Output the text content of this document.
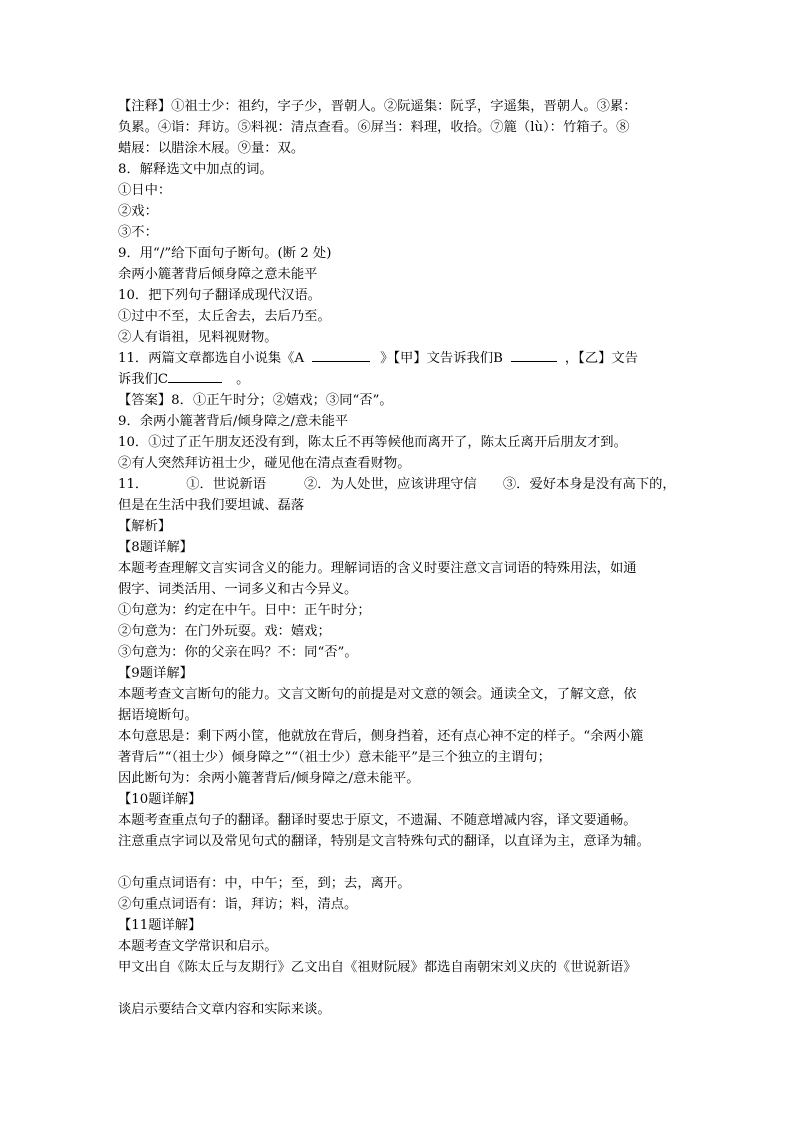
【注释】①祖士少：祖约，字子少，晋朝人。②阮遥集：阮孚，字遥集，晋朝人。③累：
负累。④诣：拜访。⑤料视：清点查看。⑥屏当：料理，收拾。⑦簏（lù）：竹箱子。⑧
蜡屐：以腊涂木屐。⑨量：双。
8．解释选文中加点的词。
①日中：
②戏：
③不：
9．用“/”给下面句子断句。(断 2 处)
余两小簏著背后倾身障之意未能平
10．把下列句子翻译成现代汉语。
①过中不至，太丘舍去，去后乃至。
②人有诣祖，见料视财物。
11．两篇文章都选自小说集《A	》【甲】文告诉我们B	，【乙】文告
诉我们C	。
【答案】8．①正午时分；②嬉戏；③同“否”。
9．余两小簏著背后/倾身障之/意未能平
10．①过了正午朋友还没有到，陈太丘不再等候他而离开了，陈太丘离开后朋友才到。
②有人突然拜访祖士少，碰见他在清点查看财物。
11．	①．世说新语	②．为人处世，应该讲理守信 ③．爱好本身是没有高下的，
但是在生活中我们要坦诚、磊落
【解析】
【8题详解】
本题考查理解文言实词含义的能力。理解词语的含义时要注意文言词语的特殊用法，如通
假字、词类活用、一词多义和古今异义。
①句意为：约定在中午。日中：正午时分；
②句意为：在门外玩耍。戏：嬉戏；
③句意为：你的父亲在吗？不：同“否”。
【9题详解】
本题考查文言断句的能力。文言文断句的前提是对文意的领会。通读全文，了解文意，依
据语境断句。
本句意思是：剩下两小筐，他就放在背后，侧身挡着，还有点心神不定的样子。“余两小簏
著背后”“（祖士少）倾身障之”“（祖士少）意未能平”是三个独立的主谓句；
因此断句为：余两小簏著背后/倾身障之/意未能平。
【10题详解】
本题考查重点句子的翻译。翻译时要忠于原文，不遗漏、不随意增减内容，译文要通畅。
注意重点字词以及常见句式的翻译，特别是文言特殊句式的翻译，以直译为主，意译为辅。
①句重点词语有：中，中午；至，到；去，离开。
②句重点词语有：诣，拜访；料，清点。
【11题详解】
本题考查文学常识和启示。
甲文出自《陈太丘与友期行》乙文出自《祖财阮屐》都选自南朝宋刘义庆的《世说新语》
谈启示要结合文章内容和实际来谈。
